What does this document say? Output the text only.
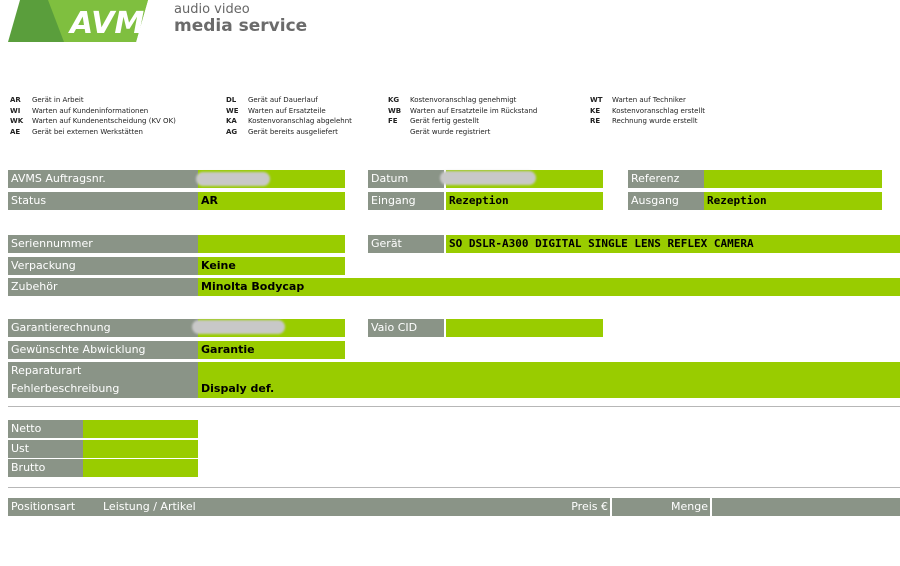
AVMS audio video
media service
AR Gerät in Arbeit
WI Warten auf Kundeninformationen
WK Warten auf Kundenentscheidung (KV OK)
AE Gerät bei externen Werkstätten
DL Gerät auf Dauerlauf
WE Warten auf Ersatzteile
KA Kostenvoranschlag abgelehnt
AG Gerät bereits ausgeliefert
KG Kostenvoranschlag genehmigt
WB Warten auf Ersatzteile im Rückstand
FE Gerät fertig gestellt
Gerät wurde registriert
WT Warten auf Techniker
KE Kostenvoranschlag erstellt
RE Rechnung wurde erstellt
AVMS Auftragsnr.	Datum	Referenz
Status	AR	Eingang	Rezeption	Ausgang	Rezeption
Seriennummer	Gerät	SO DSLR-A300 DIGITAL SINGLE LENS REFLEX CAMERA
Verpackung	Keine
Zubehör	Minolta Bodycap
Garantierechnung	Vaio CID
Gewünschte Abwicklung	Garantie
Reparaturart
Fehlerbeschreibung	Dispaly def.
Netto
Ust
Brutto
Positionsart	Leistung / Artikel	Preis €	Menge
